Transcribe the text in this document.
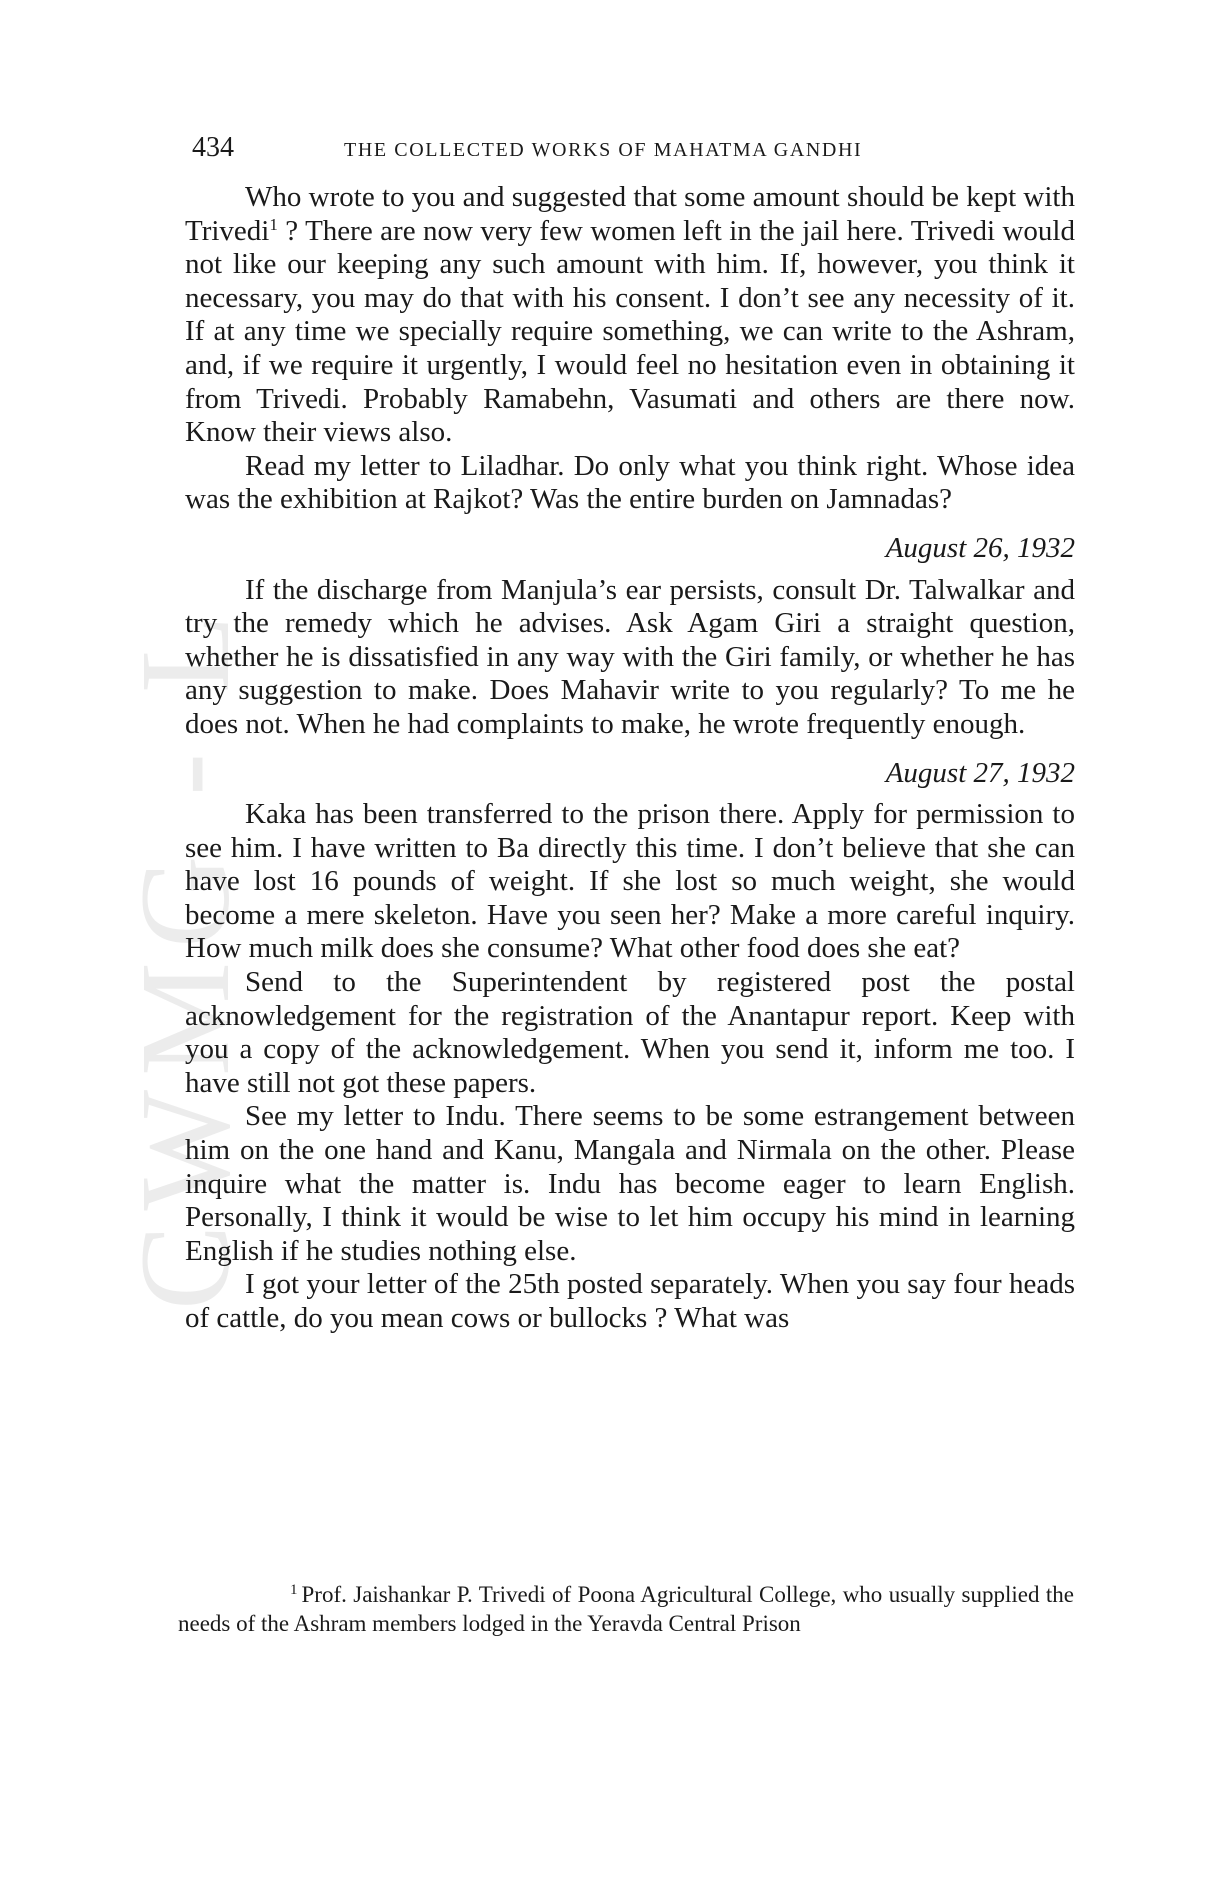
CWMG - L
434	THE COLLECTED WORKS OF MAHATMA GANDHI

Who wrote to you and suggested that some amount should be kept with Trivedi$^1$ ? There are now very few women left in the jail here. Trivedi would not like our keeping any such amount with him. If, however, you think it necessary, you may do that with his consent. I don’t see any necessity of it. If at any time we specially require something, we can write to the Ashram, and, if we require it urgently, I would feel no hesitation even in obtaining it from Trivedi. Probably Ramabehn, Vasumati and others are there now. Know their views also.

Read my letter to Liladhar. Do only what you think right. Whose idea was the exhibition at Rajkot? Was the entire burden on Jamnadas?

August 26, 1932

If the discharge from Manjula’s ear persists, consult Dr. Talwalkar and try the remedy which he advises. Ask Agam Giri a straight question, whether he is dissatisfied in any way with the Giri family, or whether he has any suggestion to make. Does Mahavir write to you regularly? To me he does not. When he had complaints to make, he wrote frequently enough.

August 27, 1932

Kaka has been transferred to the prison there. Apply for permission to see him. I have written to Ba directly this time. I don’t believe that she can have lost 16 pounds of weight. If she lost so much weight, she would become a mere skeleton. Have you seen her? Make a more careful inquiry. How much milk does she consume? What other food does she eat?

Send to the Superintendent by registered post the postal acknowledgement for the registration of the Anantapur report. Keep with you a copy of the acknowledgement. When you send it, inform me too. I have still not got these papers.

See my letter to Indu. There seems to be some estrangement between him on the one hand and Kanu, Mangala and Nirmala on the other. Please inquire what the matter is. Indu has become eager to learn English. Personally, I think it would be wise to let him occupy his mind in learning English if he studies nothing else.

I got your letter of the 25th posted separately. When you say four heads of cattle, do you mean cows or bullocks ? What was

$^1$ Prof. Jaishankar P. Trivedi of Poona Agricultural College, who usually supplied the needs of the Ashram members lodged in the Yeravda Central Prison
